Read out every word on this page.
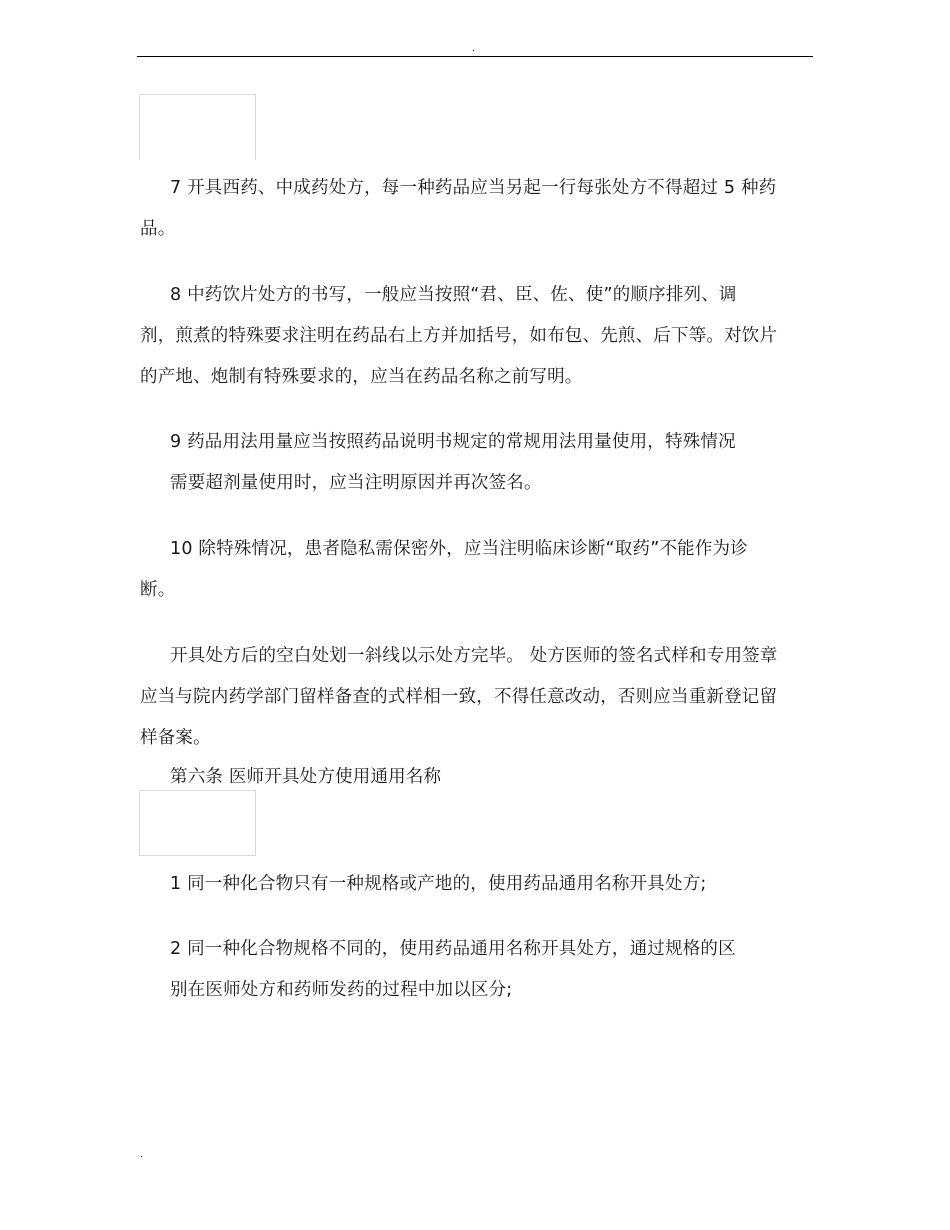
.
7 开具西药、中成药处方，每一种药品应当另起一行每张处方不得超过 5 种药
品。
8 中药饮片处方的书写，一般应当按照“君、臣、佐、使”的顺序排列、调
剂，煎煮的特殊要求注明在药品右上方并加括号，如布包、先煎、后下等。对饮片
的产地、炮制有特殊要求的，应当在药品名称之前写明。
9 药品用法用量应当按照药品说明书规定的常规用法用量使用，特殊情况
需要超剂量使用时，应当注明原因并再次签名。
10 除特殊情况，患者隐私需保密外，应当注明临床诊断“取药”不能作为诊
断。
开具处方后的空白处划一斜线以示处方完毕。 处方医师的签名式样和专用签章
应当与院内药学部门留样备查的式样相一致，不得任意改动，否则应当重新登记留
样备案。
第六条 医师开具处方使用通用名称
1 同一种化合物只有一种规格或产地的，使用药品通用名称开具处方;
2 同一种化合物规格不同的，使用药品通用名称开具处方，通过规格的区
别在医师处方和药师发药的过程中加以区分;
.
